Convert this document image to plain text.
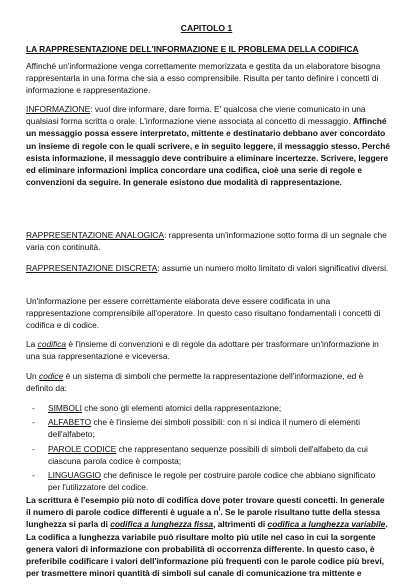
CAPITOLO 1
LA RAPPRESENTAZIONE DELL'INFORMAZIONE E IL PROBLEMA DELLA CODIFICA
Affinché un'informazione venga correttamente memorizzata e gestita da un elaboratore bisogna rappresentarla in una forma che sia a esso comprensibile. Risulta per tanto definire i concetti di informazione e rappresentazione.
INFORMAZIONE: vuol dire informare, dare forma. E' qualcosa che viene comunicato in una qualsiasi forma scritta o orale. L'informazione viene associata al concetto di messaggio. Affinché un messaggio possa essere interpretato, mittente e destinatario debbano aver concordato un insieme di regole con le quali scrivere, e in seguito leggere, il messaggio stesso. Perché esista informazione, il messaggio deve contribuire a eliminare incertezze. Scrivere, leggere ed eliminare informazioni implica concordare una codifica, cioè una serie di regole e convenzioni da seguire. In generale esistono due modalità di rappresentazione.
RAPPRESENTAZIONE ANALOGICA: rappresenta un'informazione sotto forma di un segnale che varia con continuità.
RAPPRESENTAZIONE DISCRETA: assume un numero molto limitato di valori significativi diversi.
Un'informazione per essere correttamente elaborata deve essere codificata in una rappresentazione comprensibile all'operatore. In questo caso risultano fondamentali i concetti di codifica e di codice.
La codifica è l'insieme di convenzioni e di regole da adottare per trasformare un'informazione in una sua rappresentazione e viceversa.
Un codice è un sistema di simboli che permette la rappresentazione dell'informazione, ed è definito da:
- SIMBOLI che sono gli elementi atomici della rappresentazione;
- ALFABETO che è l'insieme dei simboli possibili: con n si indica il numero di elementi dell'alfabeto;
- PAROLE CODICE che rappresentano sequenze possibili di simboli dell'alfabeto da cui ciascuna parola codice è composta;
- LINGUAGGIO che definisce le regole per costruire parole codice che abbiano significato per l'utilizzatore del codice.
La scrittura è l'esempio più noto di codifica dove poter trovare questi concetti. In generale il numero di parole codice differenti è uguale a $n^l$. Se le parole risultano tutte della stessa lunghezza si parla di codifica a lunghezza fissa, altrimenti di codifica a lunghezza variabile. La codifica a lunghezza variabile può risultare molto più utile nel caso in cui la sorgente genera valori di informazione con probabilità di occorrenza differente. In questo caso, è preferibile codificare i valori dell'informazione più frequenti con le parole codice più brevi, per trasmettere minori quantità di simboli sul canale di comunicazione tra mittente e
